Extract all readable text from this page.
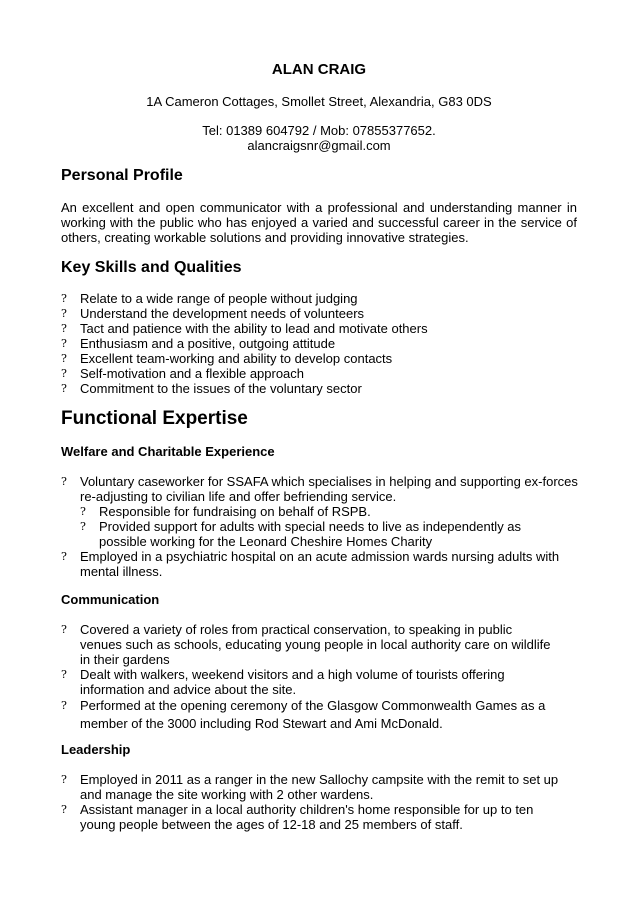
ALAN CRAIG
1A Cameron Cottages, Smollet Street, Alexandria, G83 0DS
Tel: 01389 604792 / Mob: 07855377652.
alancraigsnr@gmail.com
Personal Profile
An excellent and open communicator with a professional and understanding manner in working with the public who has enjoyed a varied and successful career in the service of others, creating workable solutions and providing innovative strategies.
Key Skills and Qualities
? Relate to a wide range of people without judging
? Understand the development needs of volunteers
? Tact and patience with the ability to lead and motivate others
? Enthusiasm and a positive, outgoing attitude
? Excellent team-working and ability to develop contacts
? Self-motivation and a flexible approach
? Commitment to the issues of the voluntary sector
Functional Expertise
Welfare and Charitable Experience
? Voluntary caseworker for SSAFA which specialises in helping and supporting ex-forces re-adjusting to civilian life and offer befriending service.
? Responsible for fundraising on behalf of RSPB.
? Provided support for adults with special needs to live as independently as possible working for the Leonard Cheshire Homes Charity
? Employed in a psychiatric hospital on an acute admission wards nursing adults with mental illness.
Communication
? Covered a variety of roles from practical conservation, to speaking in public venues such as schools, educating young people in local authority care on wildlife in their gardens
? Dealt with walkers, weekend visitors and a high volume of tourists offering information and advice about the site.
? Performed at the opening ceremony of the Glasgow Commonwealth Games as a member of the 3000 including Rod Stewart and Ami McDonald.
Leadership
? Employed in 2011 as a ranger in the new Sallochy campsite with the remit to set up and manage the site working with 2 other wardens.
? Assistant manager in a local authority children's home responsible for up to ten young people between the ages of 12-18 and 25 members of staff.
